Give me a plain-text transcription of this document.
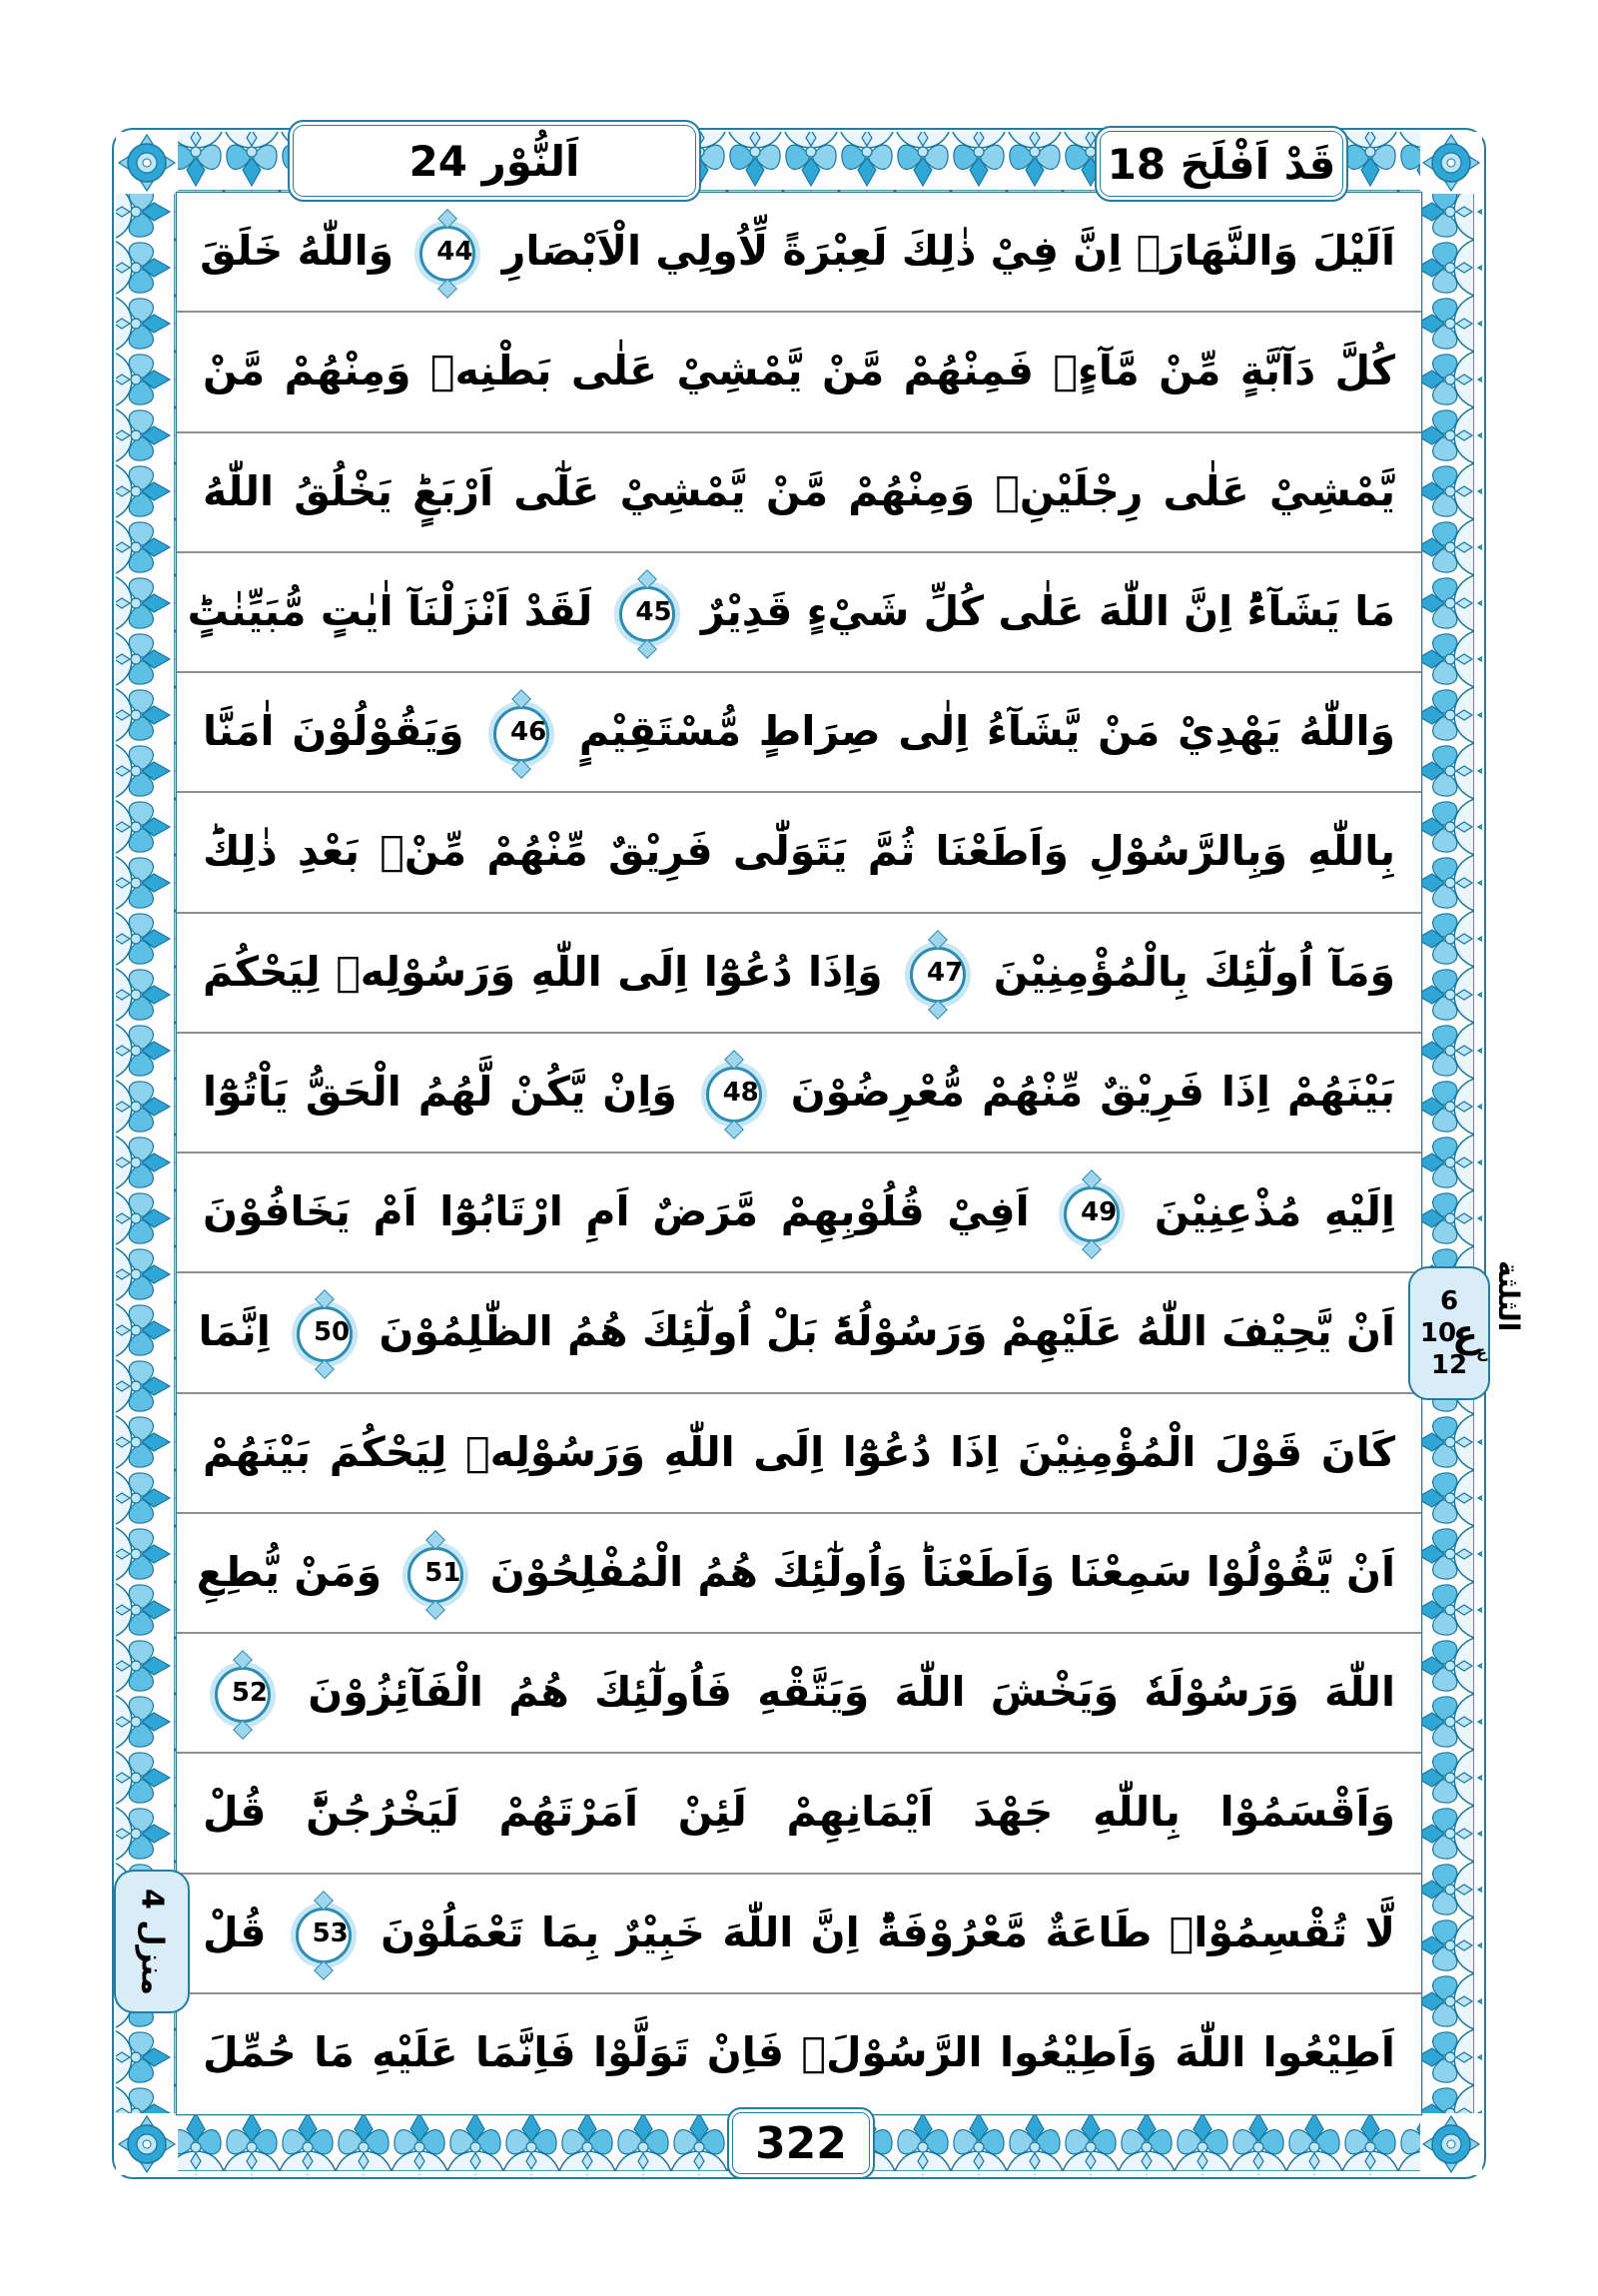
اَلنُّوْر 24	قَدْ اَفْلَحَ 18
اَلَيْلَ وَالنَّهَارَۚ اِنَّ فِيْ ذٰلِكَ لَعِبْرَةً لِّاُولِي الْاَبْصَارِ 44 وَاللّٰهُ خَلَقَ
كُلَّ دَآبَّةٍ مِّنْ مَّآءٍۚ فَمِنْهُمْ مَّنْ يَّمْشِيْ عَلٰى بَطْنِهٖ وَمِنْهُمْ مَّنْ
يَّمْشِيْ عَلٰى رِجْلَيْنِۚ وَمِنْهُمْ مَّنْ يَّمْشِيْ عَلٰٓى اَرْبَعٍؕ يَخْلُقُ اللّٰهُ
مَا يَشَآءُؕ اِنَّ اللّٰهَ عَلٰى كُلِّ شَيْءٍ قَدِيْرٌ 45 لَقَدْ اَنْزَلْنَآ اٰيٰتٍ مُّبَيِّنٰتٍؕ
وَاللّٰهُ يَهْدِيْ مَنْ يَّشَآءُ اِلٰى صِرَاطٍ مُّسْتَقِيْمٍ 46 وَيَقُوْلُوْنَ اٰمَنَّا
بِاللّٰهِ وَبِالرَّسُوْلِ وَاَطَعْنَا ثُمَّ يَتَوَلّٰى فَرِيْقٌ مِّنْهُمْ مِّنْۢ بَعْدِ ذٰلِكَؕ
وَمَآ اُولٰٓئِكَ بِالْمُؤْمِنِيْنَ 47 وَاِذَا دُعُوْٓا اِلَى اللّٰهِ وَرَسُوْلِهٖ لِيَحْكُمَ
بَيْنَهُمْ اِذَا فَرِيْقٌ مِّنْهُمْ مُّعْرِضُوْنَ 48 وَاِنْ يَّكُنْ لَّهُمُ الْحَقُّ يَاْتُوْٓا
اِلَيْهِ مُذْعِنِيْنَ 49 اَفِيْ قُلُوْبِهِمْ مَّرَضٌ اَمِ ارْتَابُوْٓا اَمْ يَخَافُوْنَ
اَنْ يَّحِيْفَ اللّٰهُ عَلَيْهِمْ وَرَسُوْلُهٗؕ بَلْ اُولٰٓئِكَ هُمُ الظّٰلِمُوْنَ 50 اِنَّمَا
كَانَ قَوْلَ الْمُؤْمِنِيْنَ اِذَا دُعُوْٓا اِلَى اللّٰهِ وَرَسُوْلِهٖ لِيَحْكُمَ بَيْنَهُمْ
اَنْ يَّقُوْلُوْا سَمِعْنَا وَاَطَعْنَاؕ وَاُولٰٓئِكَ هُمُ الْمُفْلِحُوْنَ 51 وَمَنْ يُّطِعِ
اللّٰهَ وَرَسُوْلَهٗ وَيَخْشَ اللّٰهَ وَيَتَّقْهِ فَاُولٰٓئِكَ هُمُ الْفَآئِزُوْنَ 52
وَاَقْسَمُوْا بِاللّٰهِ جَهْدَ اَيْمَانِهِمْ لَئِنْ اَمَرْتَهُمْ لَيَخْرُجُنَّؕ قُلْ
لَّا تُقْسِمُوْاۚ طَاعَةٌ مَّعْرُوْفَةٌؕ اِنَّ اللّٰهَ خَبِيْرٌ بِمَا تَعْمَلُوْنَ 53 قُلْ
اَطِيْعُوا اللّٰهَ وَاَطِيْعُوا الرَّسُوْلَۚ فَاِنْ تَوَلَّوْا فَاِنَّمَا عَلَيْهِ مَا حُمِّلَ
6
ع
10
12
الثلثة
ع
منزل 4
322
